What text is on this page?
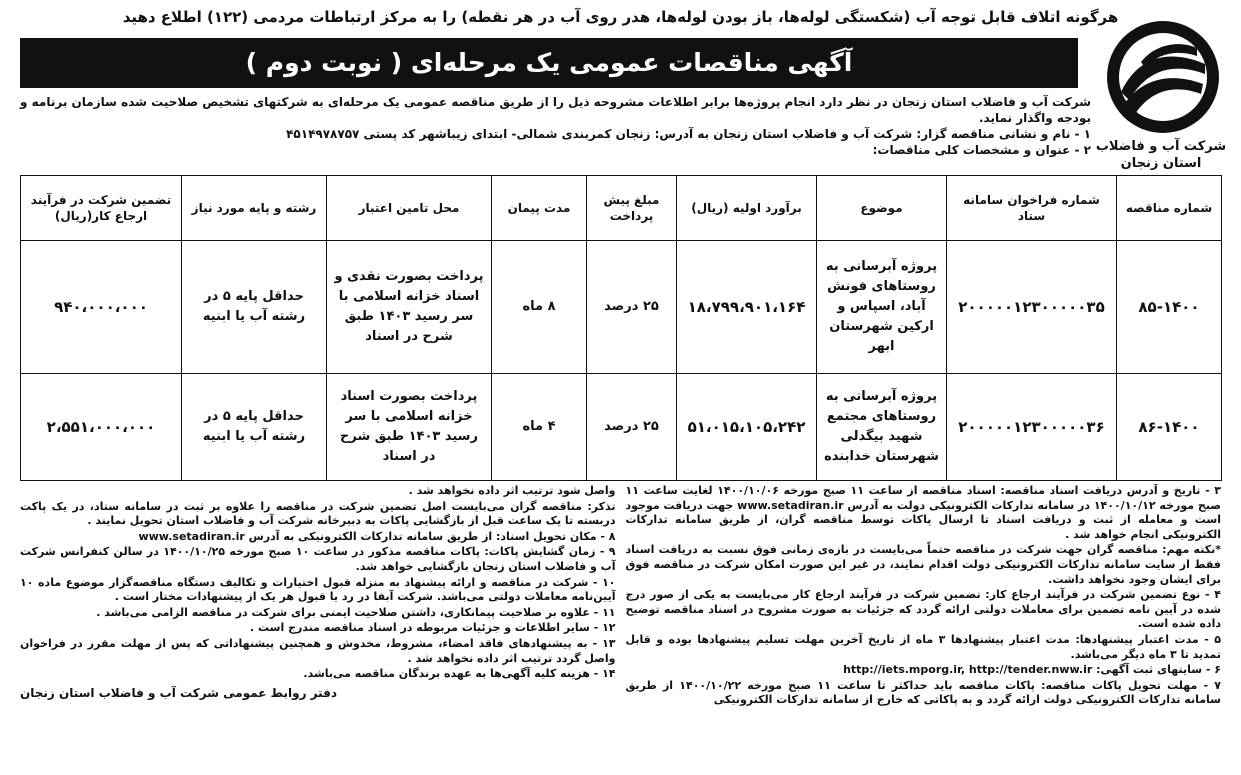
هرگونه اتلاف قابل توجه آب (شکستگی لوله‌ها، باز بودن لوله‌ها، هدر روی آب در هر نقطه) را به مرکز ارتباطات مردمی (۱۲۲) اطلاع دهید
شرکت آب و فاضلاب استان زنجان
آگهی مناقصات عمومی یک مرحله‌ای ( نوبت دوم )

شرکت آب و فاضلاب استان زنجان در نظر دارد انجام پروژه‌ها برابر اطلاعات مشروحه ذیل را از طریق مناقصه عمومی یک مرحله‌ای به شرکتهای تشخیص صلاحیت شده سازمان برنامه و بودجه واگذار نماید.

۱ - نام و نشانی مناقصه گزار: شرکت آب و فاضلاب استان زنجان به آدرس: زنجان کمربندی شمالی- ابتدای زیباشهر کد پستی ۴۵۱۴۹۷۸۷۵۷

۲ - عنوان و مشخصات کلی مناقصات:

شماره مناقصه	شماره فراخوان سامانه ستاد	موضوع	برآورد اولیه (ریال)	مبلغ پیش پرداخت	مدت پیمان	محل تامین اعتبار	رشته و پایه مورد نیاز	تضمین شرکت در فرآیند ارجاع کار(ریال)
۸۵-۱۴۰۰	۲۰۰۰۰۰۱۲۳۰۰۰۰۰۳۵	پروژه آبرسانی به روستاهای فونش آباد، اسپاس و ارکین شهرستان ابهر	۱۸،۷۹۹،۹۰۱،۱۶۴	۲۵ درصد	۸ ماه	پرداخت بصورت نقدی و اسناد خزانه اسلامی با سر رسید ۱۴۰۳ طبق شرح در اسناد	حداقل پایه ۵ در رشته آب یا ابنیه	۹۴۰،۰۰۰،۰۰۰
۸۶-۱۴۰۰	۲۰۰۰۰۰۱۲۳۰۰۰۰۰۳۶	پروژه آبرسانی به روستاهای مجتمع شهید بیگدلی شهرستان خدابنده	۵۱،۰۱۵،۱۰۵،۲۴۲	۲۵ درصد	۴ ماه	پرداخت بصورت اسناد خزانه اسلامی با سر رسید ۱۴۰۳ طبق شرح در اسناد	حداقل پایه ۵ در رشته آب یا ابنیه	۲،۵۵۱،۰۰۰،۰۰۰

۳ - تاریخ و آدرس دریافت اسناد مناقصه: اسناد مناقصه از ساعت ۱۱ صبح مورخه ۱۴۰۰/۱۰/۰۶ لغایت ساعت ۱۱ صبح مورخه ۱۴۰۰/۱۰/۱۲ در سامانه تدارکات الکترونیکی دولت به آدرس www.setadiran.ir جهت دریافت موجود است و معامله از ثبت و دریافت اسناد تا ارسال پاکات توسط مناقصه گران، از طریق سامانه تدارکات الکترونیکی انجام خواهد شد .

*نکته مهم: مناقصه گران جهت شرکت در مناقصه حتماً می‌بایست در بازه‌ی زمانی فوق نسبت به دریافت اسناد فقط از سایت سامانه تدارکات الکترونیکی دولت اقدام نمایند، در غیر این صورت امکان شرکت در مناقصه فوق برای ایشان وجود نخواهد داشت.

۴ - نوع تضمین شرکت در فرآیند ارجاع کار: تضمین شرکت در فرآیند ارجاع کار می‌بایست به یکی از صور درج شده در آیین نامه تضمین برای معاملات دولتی ارائه گردد که جزئیات به صورت مشروح در اسناد مناقصه توضیح داده شده است.

۵ - مدت اعتبار پیشنهادها: مدت اعتبار پیشنهادها ۳ ماه از تاریخ آخرین مهلت تسلیم پیشنهادها بوده و قابل تمدید تا ۳ ماه دیگر می‌باشد.

۶ - سایتهای ثبت آگهی: http://iets.mporg.ir, http://tender.nww.ir

۷ - مهلت تحویل پاکات مناقصه: پاکات مناقصه باید حداکثر تا ساعت ۱۱ صبح مورخه ۱۴۰۰/۱۰/۲۲ از طریق سامانه تدارکات الکترونیکی دولت ارائه گردد و به پاکاتی که خارج از سامانه تدارکات الکترونیکی

واصل شود ترتیب اثر داده نخواهد شد .

تذکر: مناقصه گران می‌بایست اصل تضمین شرکت در مناقصه را علاوه بر ثبت در سامانه ستاد، در یک پاکت دربسته تا یک ساعت قبل از بازگشایی پاکات به دبیرخانه شرکت آب و فاضلاب استان تحویل نمایند .

۸ - مکان تحویل اسناد: از طریق سامانه تدارکات الکترونیکی به آدرس www.setadiran.ir

۹ - زمان گشایش پاکات: پاکات مناقصه مذکور در ساعت ۱۰ صبح مورخه ۱۴۰۰/۱۰/۲۵ در سالن کنفرانس شرکت آب و فاضلاب استان زنجان بازگشایی خواهد شد.

۱۰ - شرکت در مناقصه و ارائه پیشنهاد به منزله قبول اختیارات و تکالیف دستگاه مناقصه‌گزار موضوع ماده ۱۰ آیین‌نامه معاملات دولتی می‌باشد. شرکت آبفا در رد یا قبول هر یک از پیشنهادات مختار است .

۱۱ - علاوه بر صلاحیت پیمانکاری، داشتن صلاحیت ایمنی برای شرکت در مناقصه الزامی می‌باشد .

۱۲ - سایر اطلاعات و جزئیات مربوطه در اسناد مناقصه مندرج است .

۱۳ - به پیشنهادهای فاقد امضاء، مشروط، مخدوش و همچنین پیشنهاداتی که پس از مهلت مقرر در فراخوان واصل گردد ترتیب اثر داده نخواهد شد .

۱۴ - هزینه کلیه آگهی‌ها به عهده برندگان مناقصه می‌باشد.

دفتر روابط عمومی شرکت آب و فاضلاب استان زنجان
